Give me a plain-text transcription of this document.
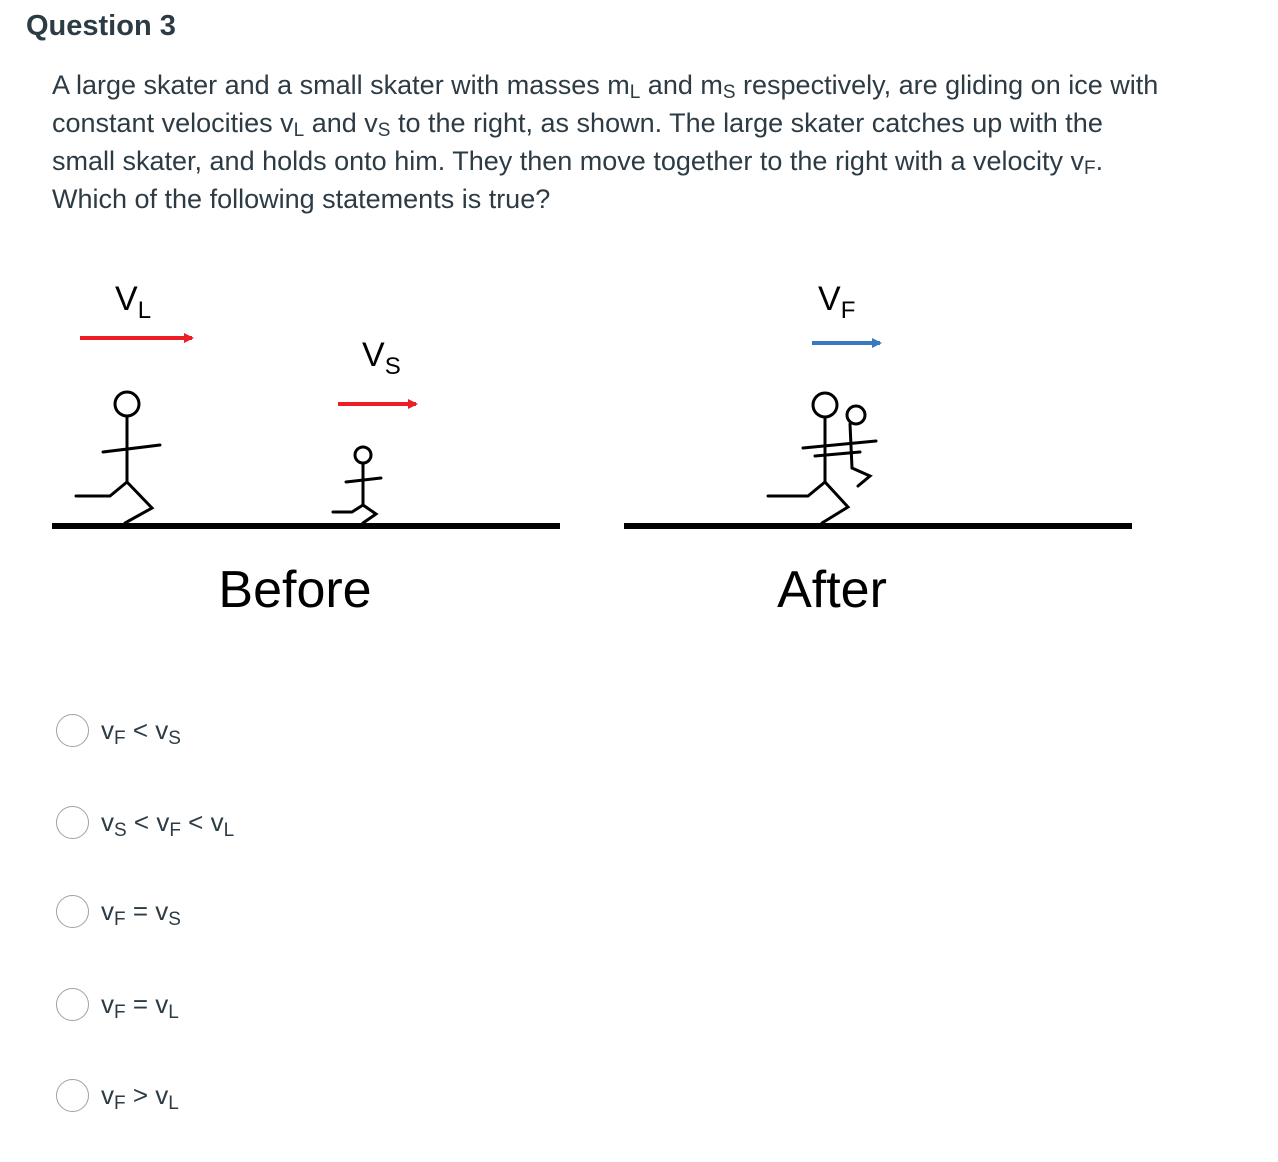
Question 3
A large skater and a small skater with masses $m_L$ and $m_S$ respectively, are gliding on ice with constant velocities $v_L$ and $v_S$ to the right, as shown. The large skater catches up with the small skater, and holds onto him. They then move together to the right with a velocity $v_F$. Which of the following statements is true?
$V_L$
$V_S$
Before
$V_F$
After
$v_F < v_S$
$v_S < v_F < v_L$
$v_F = v_S$
$v_F = v_L$
$v_F > v_L$
